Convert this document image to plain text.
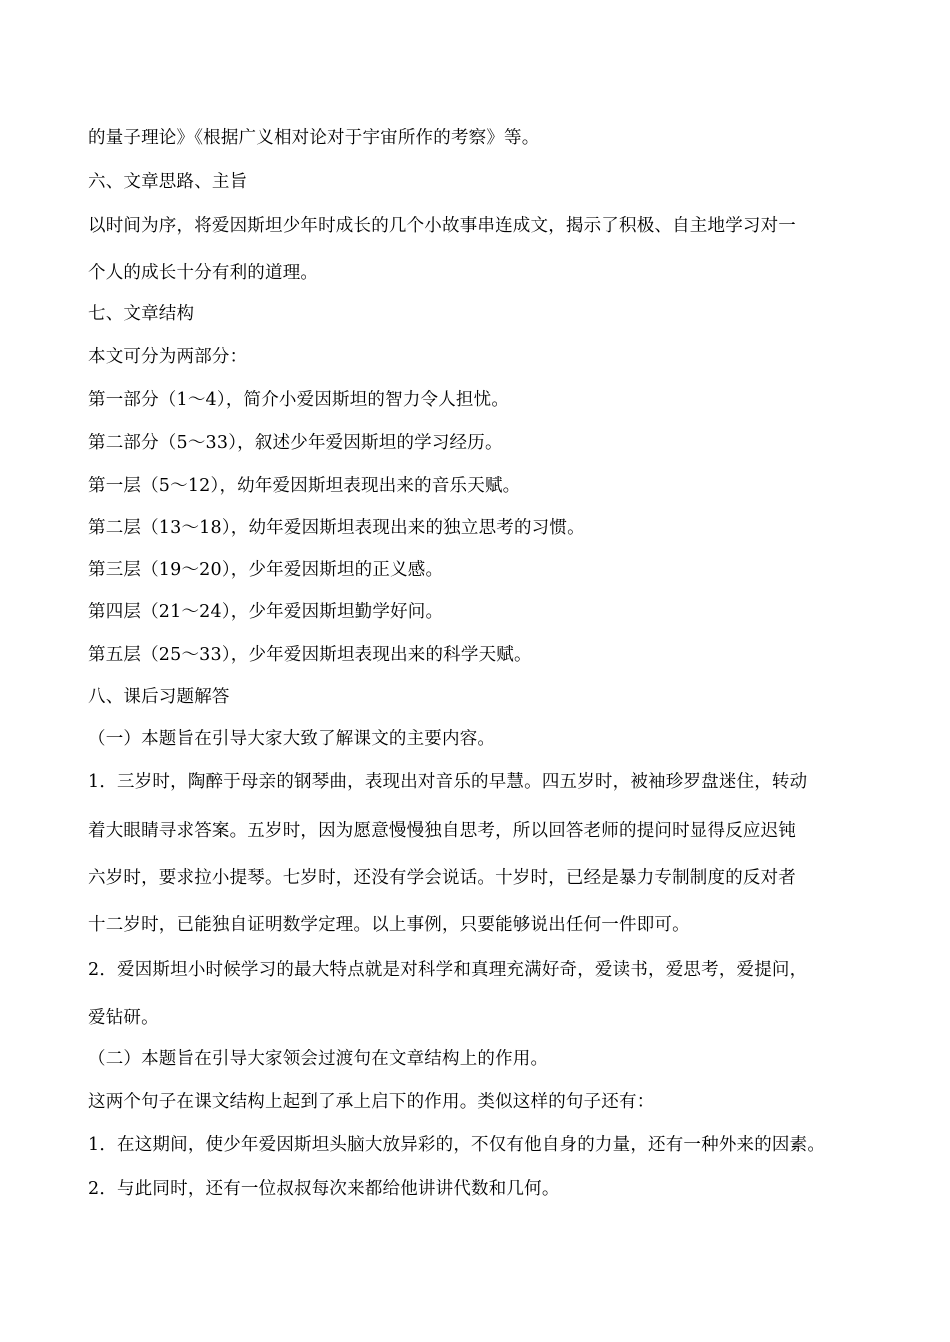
的量子理论》《根据广义相对论对于宇宙所作的考察》等。

六、文章思路、主旨

以时间为序，将爱因斯坦少年时成长的几个小故事串连成文，揭示了积极、自主地学习对一

个人的成长十分有利的道理。

七、文章结构

本文可分为两部分：

第一部分（1～4），简介小爱因斯坦的智力令人担忧。

第二部分（5～33），叙述少年爱因斯坦的学习经历。

第一层（5～12），幼年爱因斯坦表现出来的音乐天赋。

第二层（13～18），幼年爱因斯坦表现出来的独立思考的习惯。

第三层（19～20），少年爱因斯坦的正义感。

第四层（21～24），少年爱因斯坦勤学好问。

第五层（25～33），少年爱因斯坦表现出来的科学天赋。

八、课后习题解答

（一）本题旨在引导大家大致了解课文的主要内容。

1．三岁时，陶醉于母亲的钢琴曲，表现出对音乐的早慧。四五岁时，被袖珍罗盘迷住，转动

着大眼睛寻求答案。五岁时，因为愿意慢慢独自思考，所以回答老师的提问时显得反应迟钝

六岁时，要求拉小提琴。七岁时，还没有学会说话。十岁时，已经是暴力专制制度的反对者

十二岁时，已能独自证明数学定理。以上事例，只要能够说出任何一件即可。

2．爱因斯坦小时候学习的最大特点就是对科学和真理充满好奇，爱读书，爱思考，爱提问，

爱钻研。

（二）本题旨在引导大家领会过渡句在文章结构上的作用。

这两个句子在课文结构上起到了承上启下的作用。类似这样的句子还有：

1．在这期间，使少年爱因斯坦头脑大放异彩的，不仅有他自身的力量，还有一种外来的因素。

2．与此同时，还有一位叔叔每次来都给他讲讲代数和几何。
